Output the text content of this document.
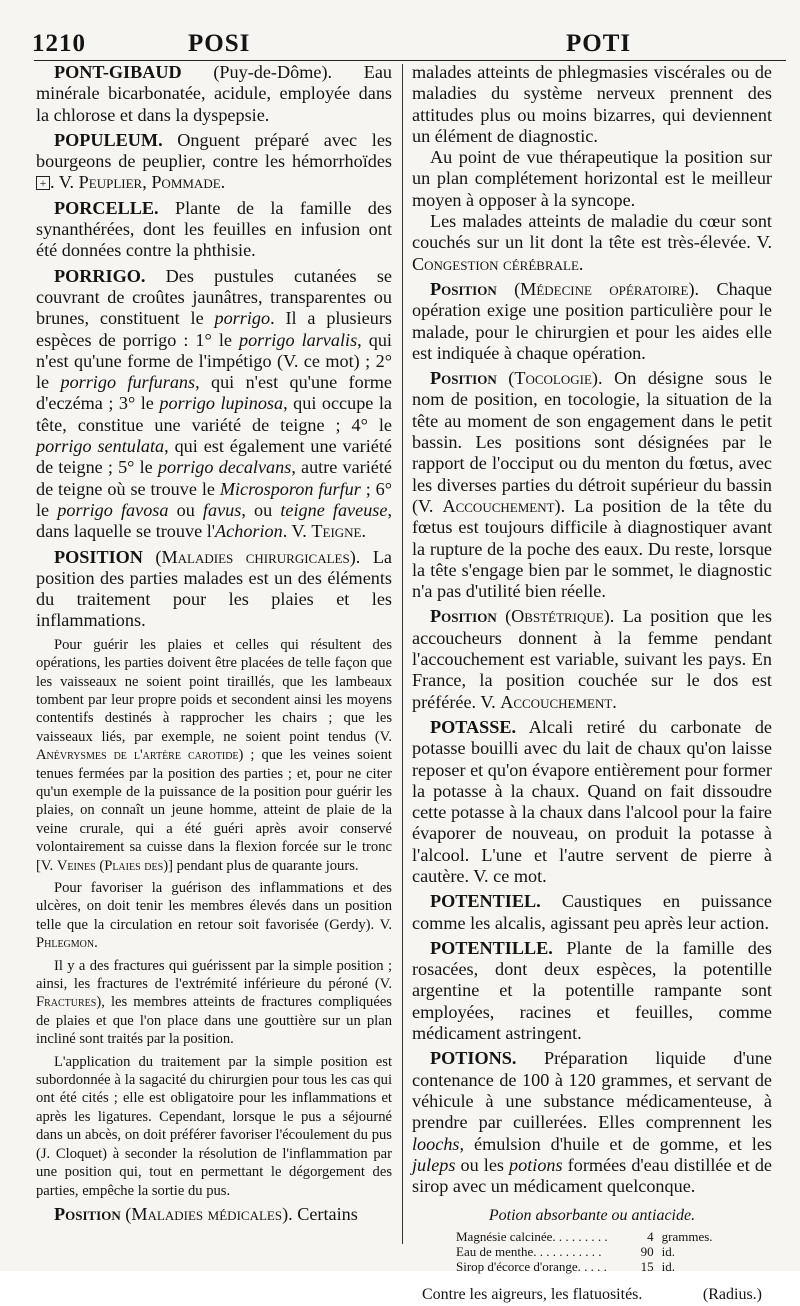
1210	POSI	POTI

PONT-GIBAUD (Puy-de-Dôme). Eau minérale bicarbonatée, acidule, employée dans la chlorose et dans la dyspepsie.

POPULEUM. Onguent préparé avec les bourgeons de peuplier, contre les hémorrhoïdes + . V. Peuplier, Pommade.

PORCELLE. Plante de la famille des synanthérées, dont les feuilles en infusion ont été données contre la phthisie.

PORRIGO. Des pustules cutanées se couvrant de croûtes jaunâtres, transparentes ou brunes, constituent le porrigo. Il a plusieurs espèces de porrigo : 1° le porrigo larvalis, qui n'est qu'une forme de l'impétigo (V. ce mot) ; 2° le porrigo furfurans, qui n'est qu'une forme d'eczéma ; 3° le porrigo lupinosa, qui occupe la tête, constitue une variété de teigne ; 4° le porrigo sentulata, qui est également une variété de teigne ; 5° le porrigo decalvans, autre variété de teigne où se trouve le Microsporon furfur ; 6° le porrigo favosa ou favus, ou teigne faveuse, dans laquelle se trouve l'Achorion. V. Teigne.

POSITION (Maladies chirurgicales). La position des parties malades est un des éléments du traitement pour les plaies et les inflammations.

Pour guérir les plaies et celles qui résultent des opérations, les parties doivent être placées de telle façon que les vaisseaux ne soient point tiraillés, que les lambeaux tombent par leur propre poids et secondent ainsi les moyens contentifs destinés à rapprocher les chairs ; que les vaisseaux liés, par exemple, ne soient point tendus (V. Anévrysmes de l'artère carotide) ; que les veines soient tenues fermées par la position des parties ; et, pour ne citer qu'un exemple de la puissance de la position pour guérir les plaies, on connaît un jeune homme, atteint de plaie de la veine crurale, qui a été guéri après avoir conservé volontairement sa cuisse dans la flexion forcée sur le tronc [V. Veines (Plaies des)] pendant plus de quarante jours.

Pour favoriser la guérison des inflammations et des ulcères, on doit tenir les membres élevés dans un position telle que la circulation en retour soit favorisée (Gerdy). V. Phlegmon.

Il y a des fractures qui guérissent par la simple position ; ainsi, les fractures de l'extrémité inférieure du péroné (V. Fractures), les membres atteints de fractures compliquées de plaies et que l'on place dans une gouttière sur un plan incliné sont traités par la position.

L'application du traitement par la simple position est subordonnée à la sagacité du chirurgien pour tous les cas qui ont été cités ; elle est obligatoire pour les inflammations et après les ligatures. Cependant, lorsque le pus a séjourné dans un abcès, on doit préférer favoriser l'écoulement du pus (J. Cloquet) à seconder la résolution de l'inflammation par une position qui, tout en permettant le dégorgement des parties, empêche la sortie du pus.

Position (Maladies médicales). Certains

malades atteints de phlegmasies viscérales ou de maladies du système nerveux prennent des attitudes plus ou moins bizarres, qui deviennent un élément de diagnostic.

Au point de vue thérapeutique la position sur un plan complétement horizontal est le meilleur moyen à opposer à la syncope.

Les malades atteints de maladie du cœur sont couchés sur un lit dont la tête est très-élevée. V. Congestion cérébrale.

Position (Médecine opératoire). Chaque opération exige une position particulière pour le malade, pour le chirurgien et pour les aides elle est indiquée à chaque opération.

Position (Tocologie). On désigne sous le nom de position, en tocologie, la situation de la tête au moment de son engagement dans le petit bassin. Les positions sont désignées par le rapport de l'occiput ou du menton du fœtus, avec les diverses parties du détroit supérieur du bassin (V. Accouchement). La position de la tête du fœtus est toujours difficile à diagnostiquer avant la rupture de la poche des eaux. Du reste, lorsque la tête s'engage bien par le sommet, le diagnostic n'a pas d'utilité bien réelle.

Position (Obstétrique). La position que les accoucheurs donnent à la femme pendant l'accouchement est variable, suivant les pays. En France, la position couchée sur le dos est préférée. V. Accouchement.

POTASSE. Alcali retiré du carbonate de potasse bouilli avec du lait de chaux qu'on laisse reposer et qu'on évapore entièrement pour former la potasse à la chaux. Quand on fait dissoudre cette potasse à la chaux dans l'alcool pour la faire évaporer de nouveau, on produit la potasse à l'alcool. L'une et l'autre servent de pierre à cautère. V. ce mot.

POTENTIEL. Caustiques en puissance comme les alcalis, agissant peu après leur action.

POTENTILLE. Plante de la famille des rosacées, dont deux espèces, la potentille argentine et la potentille rampante sont employées, racines et feuilles, comme médicament astringent.

POTIONS. Préparation liquide d'une contenance de 100 à 120 grammes, et servant de véhicule à une substance médicamenteuse, à prendre par cuillerées. Elles comprennent les loochs, émulsion d'huile et de gomme, et les juleps ou les potions formées d'eau distillée et de sirop avec un médicament quelconque.

Potion absorbante ou antiacide.
Magnésie calcinée. . . . . . . . .	4	grammes.
Eau de menthe. . . . . . . . . . .	90	id.
Sirop d'écorce d'orange. . . . .	15	id.
Contre les aigreurs, les flatuosités.	(Radius.)
